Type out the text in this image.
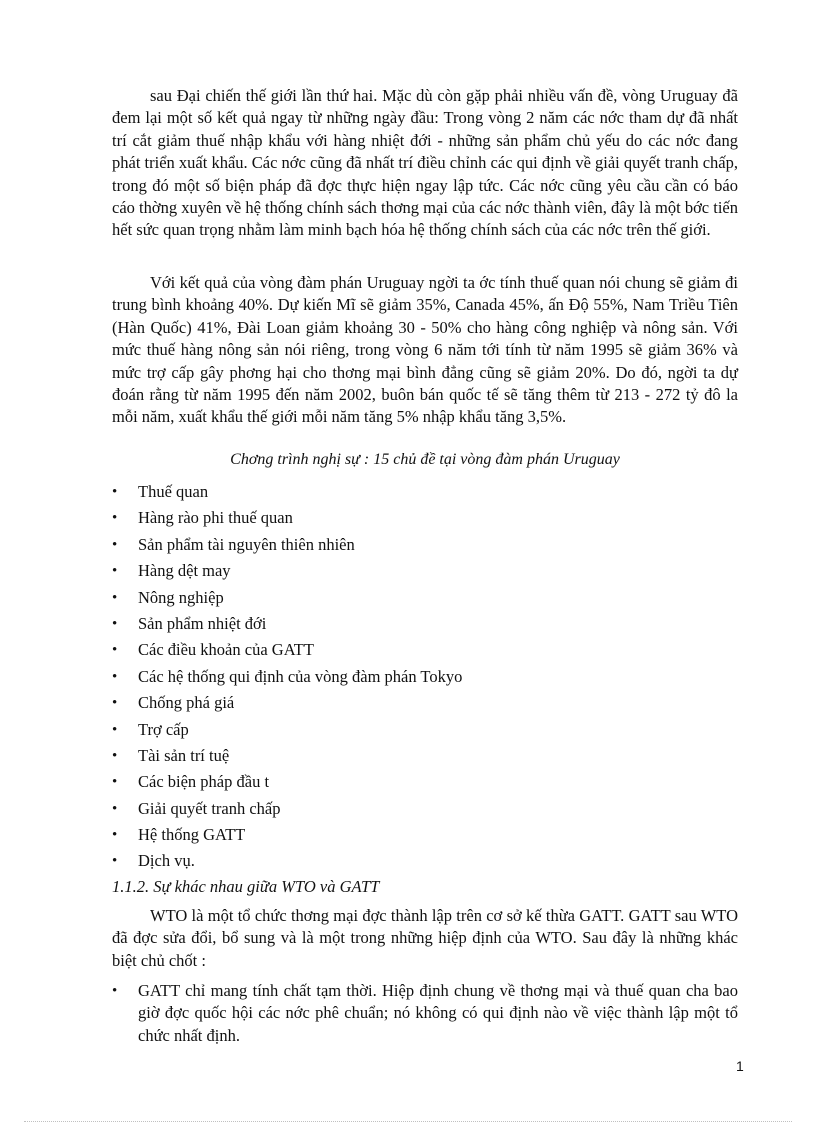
sau Đại chiến thế giới lần thứ hai. Mặc dù còn gặp phải nhiều vấn đề, vòng Uruguay đã đem lại một số kết quả ngay từ những ngày đầu: Trong vòng 2 năm các nớc tham dự đã nhất trí cắt giảm thuế nhập khẩu với hàng nhiệt đới - những sản phẩm chủ yếu do các nớc đang phát triển xuất khẩu. Các nớc cũng đã nhất trí điều chỉnh các qui định về giải quyết tranh chấp, trong đó một số biện pháp đã đợc thực hiện ngay lập tức. Các nớc cũng yêu cầu cần có báo cáo thờng xuyên về hệ thống chính sách thơng mại của các nớc thành viên, đây là một bớc tiến hết sức quan trọng nhằm làm minh bạch hóa hệ thống chính sách của các nớc trên thế giới.

Với kết quả của vòng đàm phán Uruguay ngời ta ớc tính thuế quan nói chung sẽ giảm đi trung bình khoảng 40%. Dự kiến Mĩ sẽ giảm 35%, Canada 45%, ấn Độ 55%, Nam Triều Tiên (Hàn Quốc) 41%, Đài Loan giảm khoảng 30 - 50% cho hàng công nghiệp và nông sản. Với mức thuế hàng nông sản nói riêng, trong vòng 6 năm tới tính từ năm 1995 sẽ giảm 36% và mức trợ cấp gây phơng hại cho thơng mại bình đẳng cũng sẽ giảm 20%. Do đó, ngời ta dự đoán rằng từ năm 1995 đến năm 2002, buôn bán quốc tế sẽ tăng thêm từ 213 - 272 tỷ đô la mỗi năm, xuất khẩu thế giới mỗi năm tăng 5% nhập khẩu tăng 3,5%.

Chơng trình nghị sự : 15 chủ đề tại vòng đàm phán Uruguay

• Thuế quan
• Hàng rào phi thuế quan
• Sản phẩm tài nguyên thiên nhiên
• Hàng dệt may
• Nông nghiệp
• Sản phẩm nhiệt đới
• Các điều khoản của GATT
• Các hệ thống qui định của vòng đàm phán Tokyo
• Chống phá giá
• Trợ cấp
• Tài sản trí tuệ
• Các biện pháp đầu t
• Giải quyết tranh chấp
• Hệ thống GATT
• Dịch vụ.

1.1.2. Sự khác nhau giữa WTO và GATT

WTO là một tổ chức thơng mại đợc thành lập trên cơ sở kế thừa GATT. GATT sau WTO đã đợc sửa đổi, bổ sung và là một trong những hiệp định của WTO. Sau đây là những khác biệt chủ chốt :

• GATT chỉ mang tính chất tạm thời. Hiệp định chung về thơng mại và thuế quan cha bao giờ đợc quốc hội các nớc phê chuẩn; nó không có qui định nào về việc thành lập một tổ chức nhất định.
1
